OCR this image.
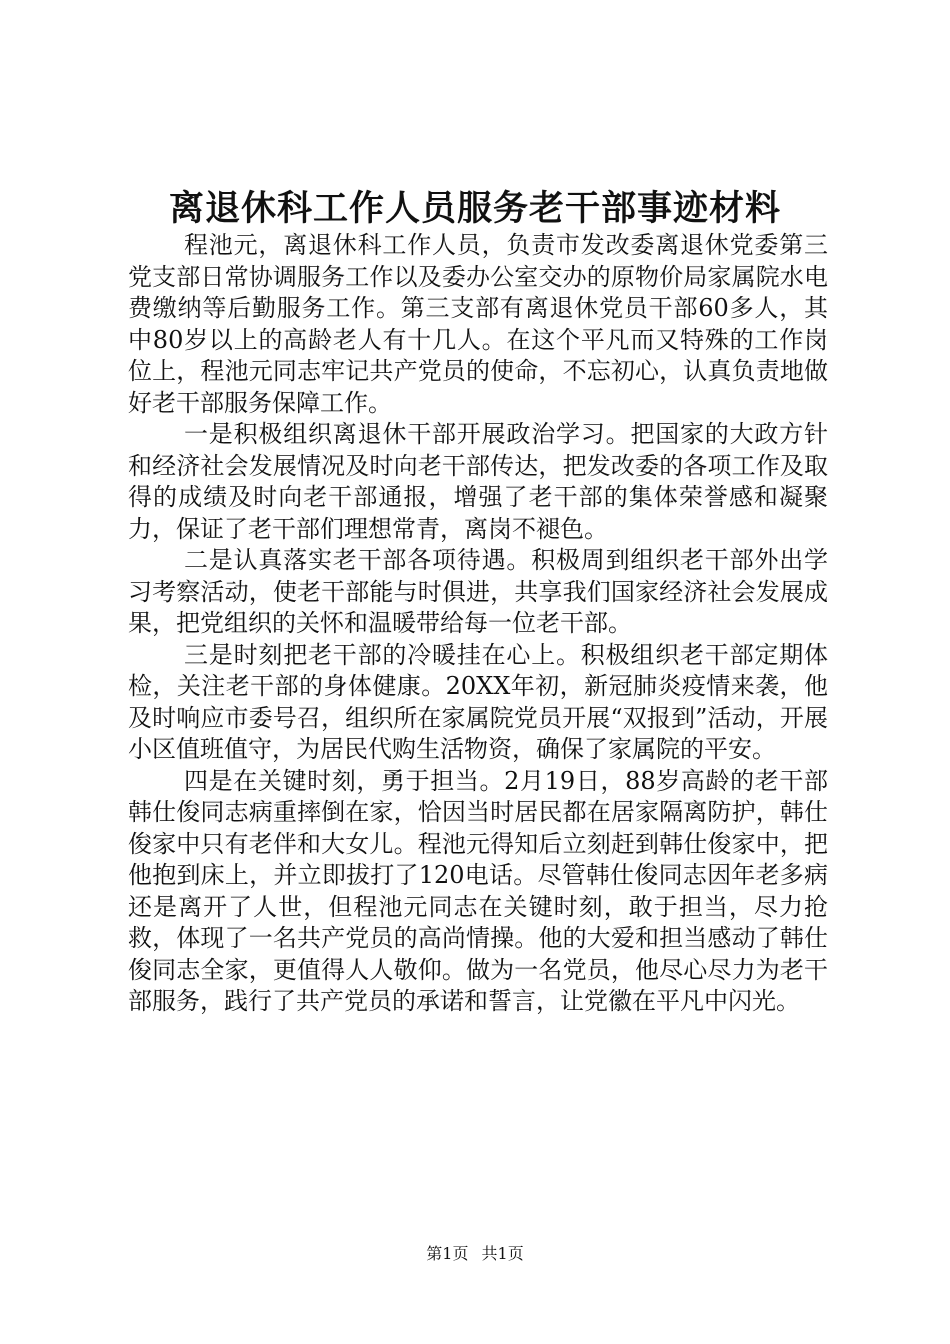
离退休科工作人员服务老干部事迹材料

程池元，离退休科工作人员，负责市发改委离退休党委第三党支部日常协调服务工作以及委办公室交办的原物价局家属院水电费缴纳等后勤服务工作。第三支部有离退休党员干部60多人，其中80岁以上的高龄老人有十几人。在这个平凡而又特殊的工作岗位上，程池元同志牢记共产党员的使命，不忘初心，认真负责地做好老干部服务保障工作。

一是积极组织离退休干部开展政治学习。把国家的大政方针和经济社会发展情况及时向老干部传达，把发改委的各项工作及取得的成绩及时向老干部通报，增强了老干部的集体荣誉感和凝聚力，保证了老干部们理想常青，离岗不褪色。

二是认真落实老干部各项待遇。积极周到组织老干部外出学习考察活动，使老干部能与时俱进，共享我们国家经济社会发展成果，把党组织的关怀和温暖带给每一位老干部。

三是时刻把老干部的冷暖挂在心上。积极组织老干部定期体检，关注老干部的身体健康。20XX年初，新冠肺炎疫情来袭，他及时响应市委号召，组织所在家属院党员开展“双报到”活动，开展小区值班值守，为居民代购生活物资，确保了家属院的平安。

四是在关键时刻，勇于担当。2月19日，88岁高龄的老干部韩仕俊同志病重摔倒在家，恰因当时居民都在居家隔离防护，韩仕俊家中只有老伴和大女儿。程池元得知后立刻赶到韩仕俊家中，把他抱到床上，并立即拔打了120电话。尽管韩仕俊同志因年老多病还是离开了人世，但程池元同志在关键时刻，敢于担当，尽力抢救，体现了一名共产党员的高尚情操。他的大爱和担当感动了韩仕俊同志全家，更值得人人敬仰。做为一名党员，他尽心尽力为老干部服务，践行了共产党员的承诺和誓言，让党徽在平凡中闪光。

第1页 共1页
